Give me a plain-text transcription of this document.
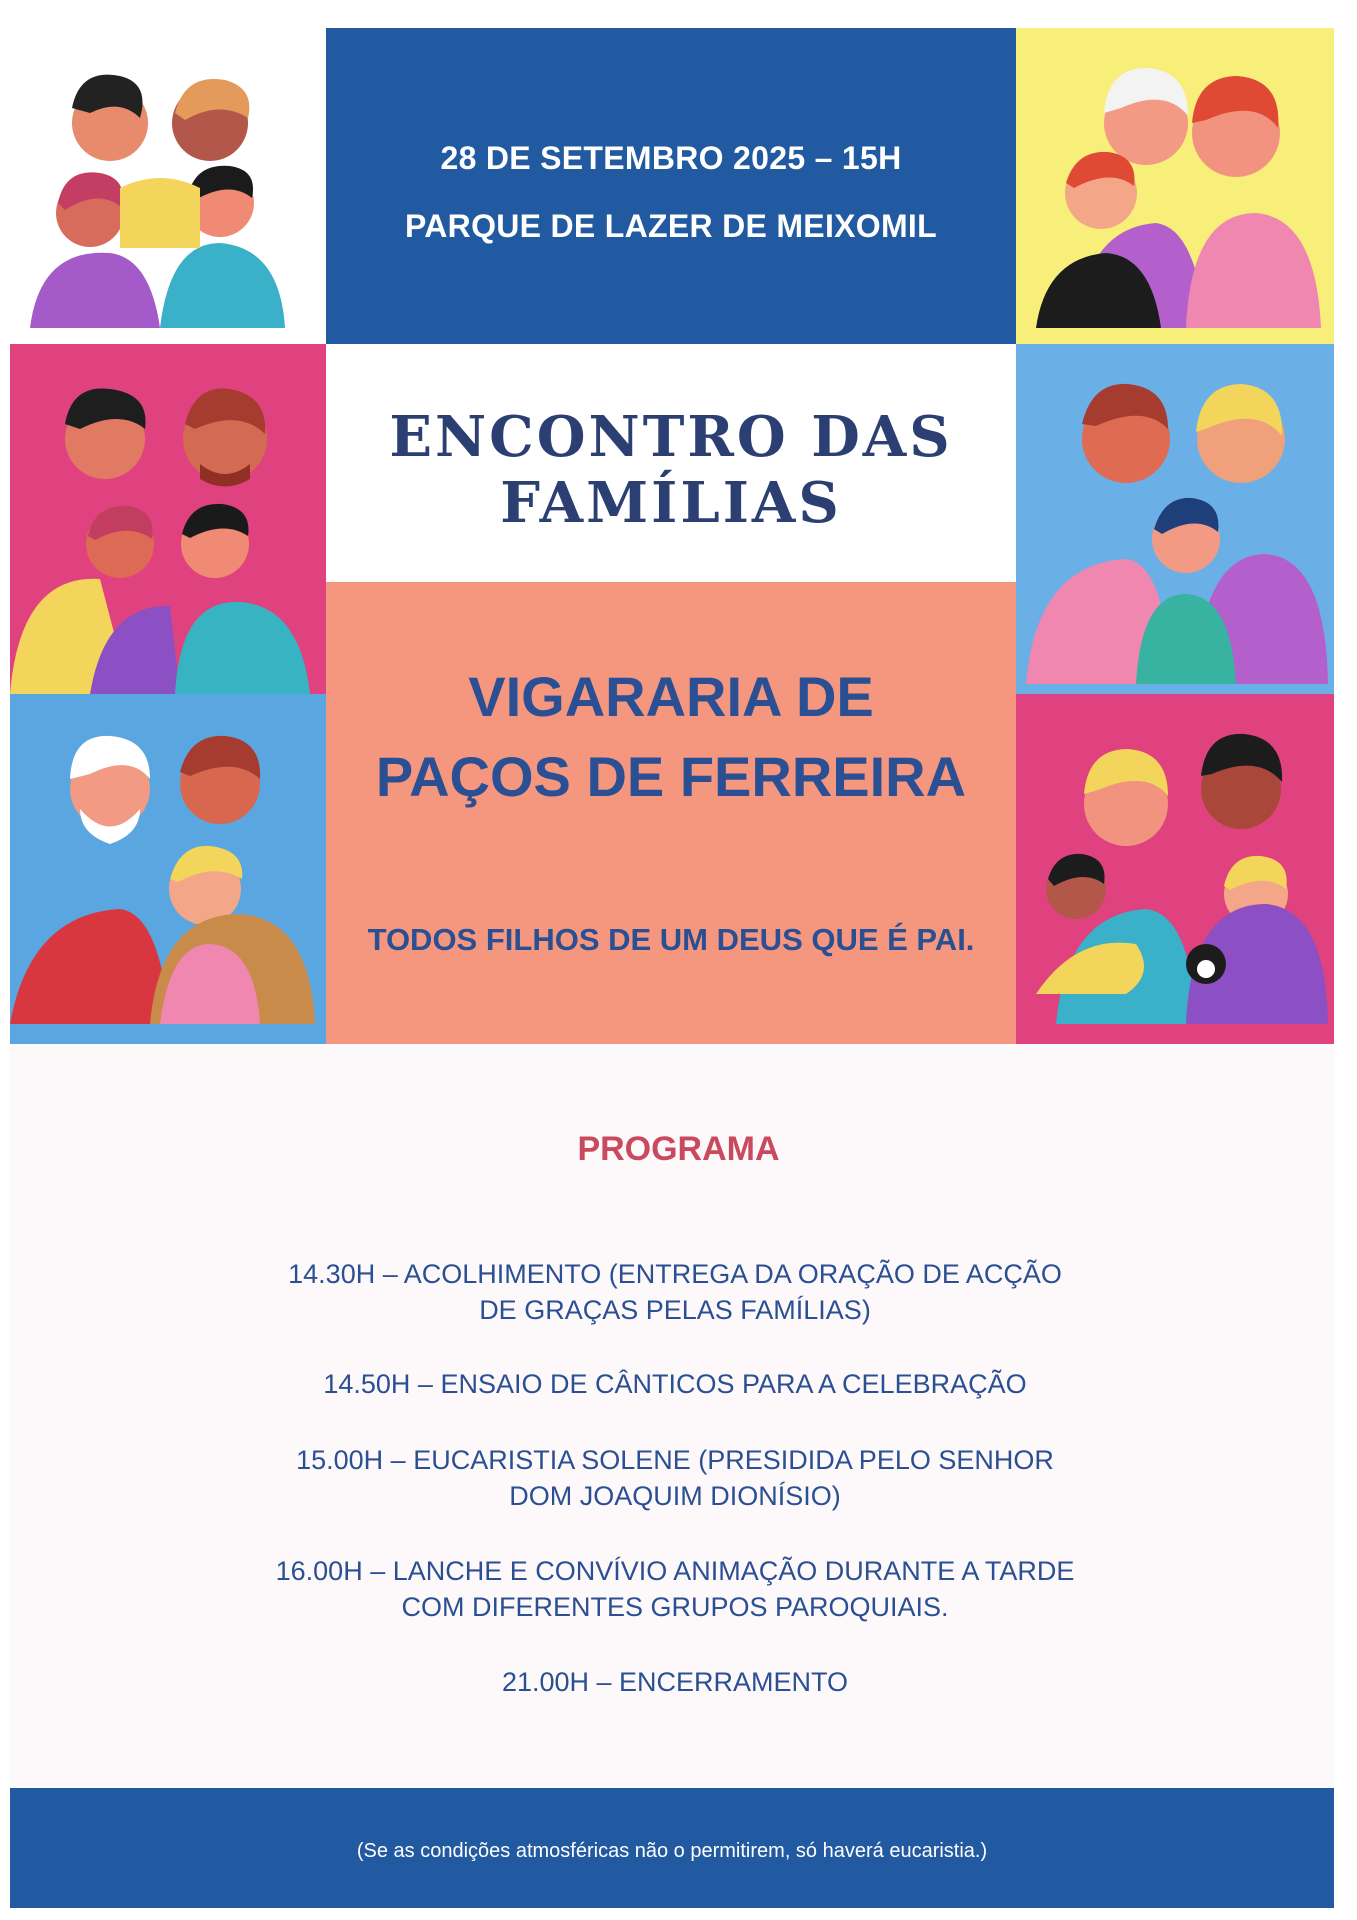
28 DE SETEMBRO 2025 – 15H
PARQUE DE LAZER DE MEIXOMIL
ENCONTRO DAS
FAMÍLIAS
VIGARARIA DE
PAÇOS DE FERREIRA
TODOS FILHOS DE UM DEUS QUE É PAI.
PROGRAMA
14.30H – ACOLHIMENTO (ENTREGA DA ORAÇÃO DE ACÇÃO
DE GRAÇAS PELAS FAMÍLIAS)
14.50H – ENSAIO DE CÂNTICOS PARA A CELEBRAÇÃO
15.00H – EUCARISTIA SOLENE (PRESIDIDA PELO SENHOR
DOM JOAQUIM DIONÍSIO)
16.00H – LANCHE E CONVÍVIO ANIMAÇÃO DURANTE A TARDE
COM DIFERENTES GRUPOS PAROQUIAIS.
21.00H – ENCERRAMENTO
(Se as condições atmosféricas não o permitirem, só haverá eucaristia.)
